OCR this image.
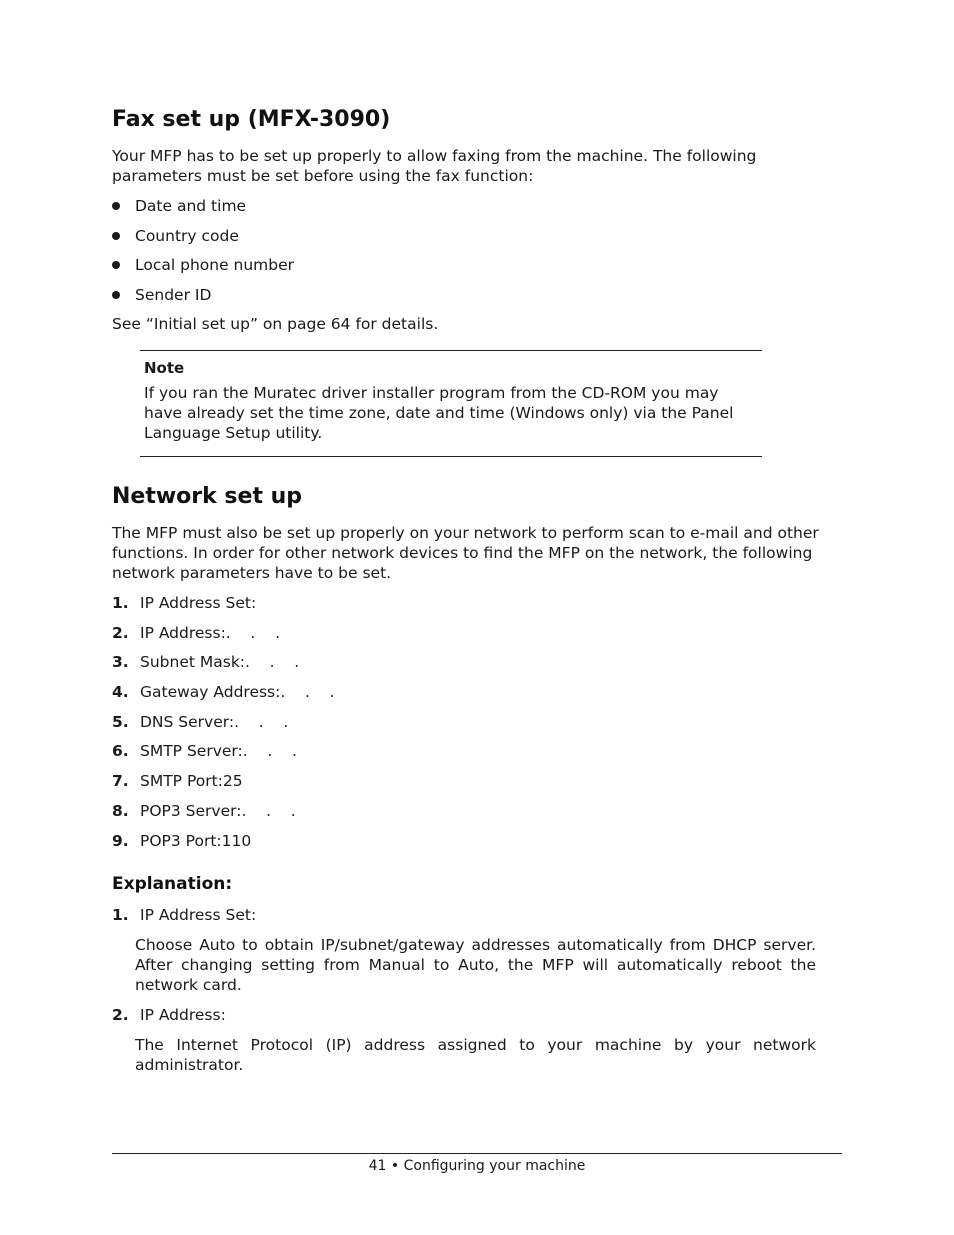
Fax set up (MFX-3090)

Your MFP has to be set up properly to allow faxing from the machine. The following parameters must be set before using the fax function:

Date and time
Country code
Local phone number
Sender ID

See “Initial set up” on page 64 for details.

Note

If you ran the Muratec driver installer program from the CD-ROM you may have already set the time zone, date and time (Windows only) via the Panel Language Setup utility.

Network set up

The MFP must also be set up properly on your network to perform scan to e-mail and other functions. In order for other network devices to find the MFP on the network, the following network parameters have to be set.

1. IP Address Set:
2. IP Address:.    .    .
3. Subnet Mask:.    .    .
4. Gateway Address:.    .    .
5. DNS Server:.    .    .
6. SMTP Server:.    .    .
7. SMTP Port:25
8. POP3 Server:.    .    .
9. POP3 Port:110
Explanation:
1. IP Address Set:
Choose Auto to obtain IP/subnet/gateway addresses automatically from DHCP server. After changing setting from Manual to Auto, the MFP will automatically reboot the network card.
2. IP Address:
The Internet Protocol (IP) address assigned to your machine by your network administrator.
41 • Configuring your machine
